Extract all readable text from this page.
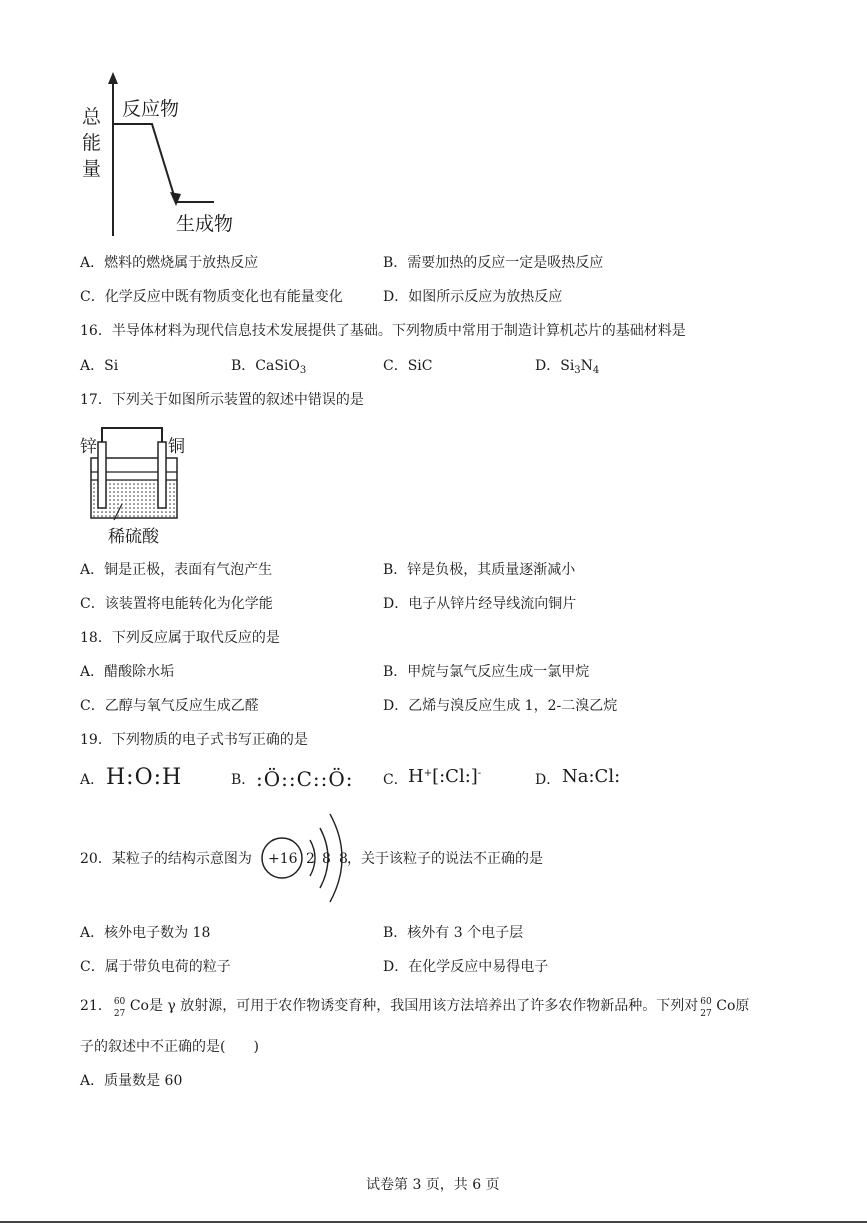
总能量
反应物
生成物
A．燃料的燃烧属于放热反应	B．需要加热的反应一定是吸热反应
C．化学反应中既有物质变化也有能量变化	D．如图所示反应为放热反应
16．半导体材料为现代信息技术发展提供了基础。下列物质中常用于制造计算机芯片的基础材料是
A．Si	B．CaSiO$_3$	C．SiC	D．$Si_3N_4$
17．下列关于如图所示装置的叙述中错误的是
锌	铜
稀硫酸
A．铜是正极，表面有气泡产生	B．锌是负极，其质量逐渐减小
C．该装置将电能转化为化学能	D．电子从锌片经导线流向铜片
18．下列反应属于取代反应的是
A．醋酸除水垢	B．甲烷与氯气反应生成一氯甲烷
C．乙醇与氧气反应生成乙醛	D．乙烯与溴反应生成 1，2-二溴乙烷
19．下列物质的电子式书写正确的是
A． H:O:H	B． :Ö::C::Ö: C． H+[:Cl:]-	D． Na:Cl:
20．某粒子的结构示意图为 +16 2 8 8 ，关于该粒子的说法不正确的是
A．核外电子数为 18	B．核外有 3 个电子层
C．属于带负电荷的粒子	D．在化学反应中易得电子
21． 60
27 Co是 γ 放射源，可用于农作物诱变育种，我国用该方法培养出了许多农作物新品种。下列对 60
27 Co原
子的叙述中不正确的是(　　)
A．质量数是 60
试卷第 3 页，共 6 页
